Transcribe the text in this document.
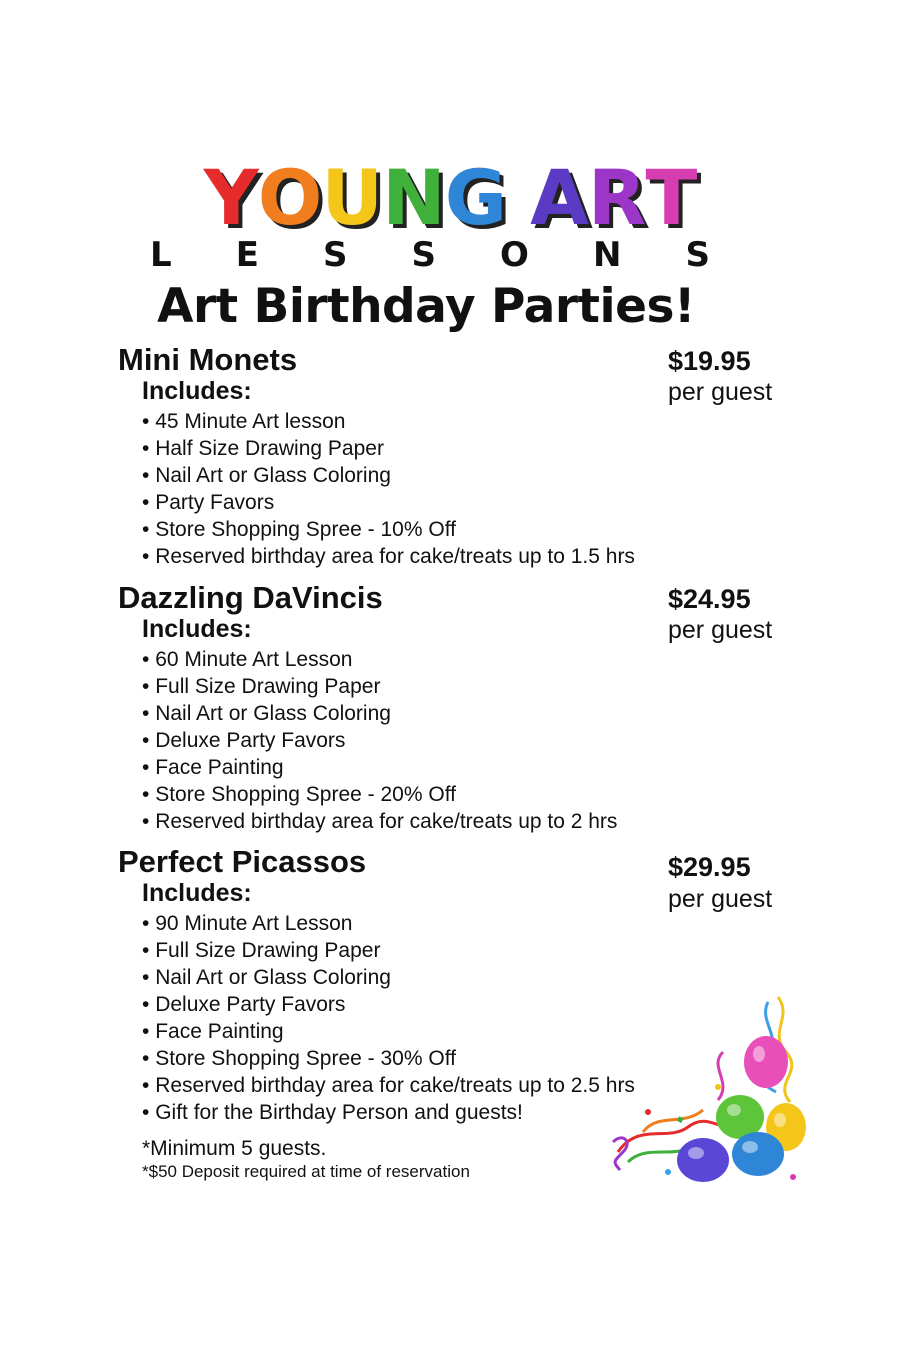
YOUNG ART
L E S S O N S
Art Birthday Parties!
Mini Monets	$19.95
per guest
Includes:
• 45 Minute Art lesson
• Half Size Drawing Paper
• Nail Art or Glass Coloring
• Party Favors
• Store Shopping Spree - 10% Off
• Reserved birthday area for cake/treats up to 1.5 hrs
Dazzling DaVincis	$24.95
per guest
Includes:
• 60 Minute Art Lesson
• Full Size Drawing Paper
• Nail Art or Glass Coloring
• Deluxe Party Favors
• Face Painting
• Store Shopping Spree - 20% Off
• Reserved birthday area for cake/treats up to 2 hrs
Perfect Picassos	$29.95
per guest
Includes:
• 90 Minute Art Lesson
• Full Size Drawing Paper
• Nail Art or Glass Coloring
• Deluxe Party Favors
• Face Painting
• Store Shopping Spree - 30% Off
• Reserved birthday area for cake/treats up to 2.5 hrs
• Gift for the Birthday Person and guests!
*Minimum 5 guests.
*$50 Deposit required at time of reservation
